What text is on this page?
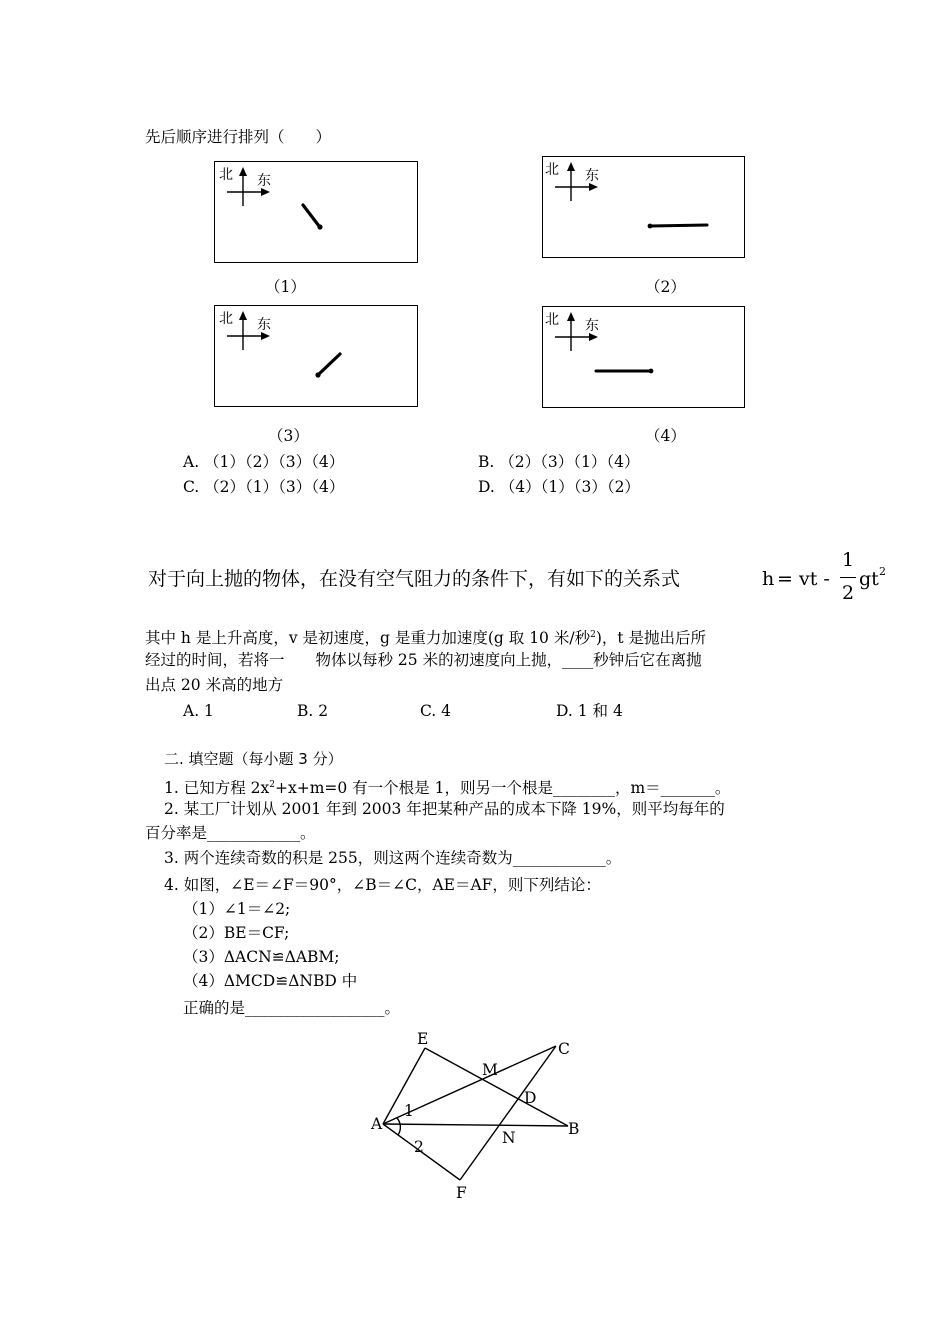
先后顺序进行排列（　　）
北 东
（1）
北 东
（2）
北 东
（3）
北 东
（4）
A. （1）（2）（3）（4）	B. （2）（3）（1）（4）
C. （2）（1）（3）（4）	D. （4）（1）（3）（2）
对于向上抛的物体，在没有空气阻力的条件下，有如下的关系式	h = vt -
1
2
gt 2
其中 h 是上升高度，v 是初速度，g 是重力加速度(g 取 10 米/秒$^2$)，t 是抛出后所
经过的时间，若将一　　物体以每秒 25 米的初速度向上抛，____秒钟后它在离抛
出点 20 米高的地方
A. 1	B. 2	C. 4	D. 1 和 4
二. 填空题（每小题 3 分）
1. 已知方程 $2x^2+x+m=0$ 有一个根是 1，则另一个根是________，m＝_______。
2. 某工厂计划从 2001 年到 2003 年把某种产品的成本下降 19%，则平均每年的
百分率是____________。
3. 两个连续奇数的积是 255，则这两个连续奇数为____________。
4. 如图，∠E＝∠F＝90°，∠B＝∠C，AE＝AF，则下列结论：
（1）∠1＝∠2;
（2）BE＝CF;
（3）ΔACN≌ΔABM;
（4）ΔMCD≌ΔNBD 中
正确的是__________________。
E
C
M
D
1
A	B
N
2
F
